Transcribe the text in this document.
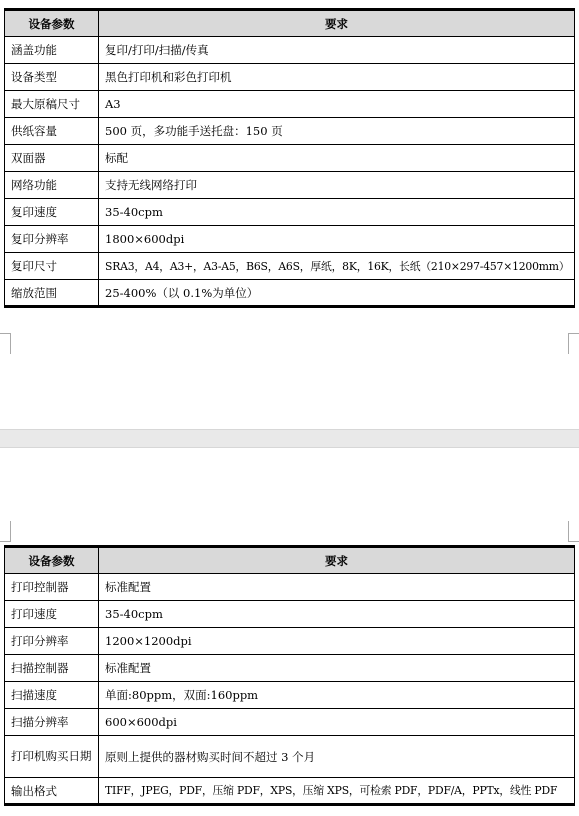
设备参数	要求
涵盖功能	复印/打印/扫描/传真
设备类型	黑色打印机和彩色打印机
最大原稿尺寸	A3
供纸容量	500 页，多功能手送托盘：150 页
双面器	标配
网络功能	支持无线网络打印
复印速度	35-40cpm
复印分辨率	1800×600dpi
复印尺寸	SRA3，A4，A3+，A3-A5，B6S，A6S，厚纸，8K，16K，长纸（210×297-457×1200mm）
缩放范围	25-400%（以 0.1%为单位）
设备参数	要求
打印控制器	标准配置
打印速度	35-40cpm
打印分辨率	1200×1200dpi
扫描控制器	标准配置
扫描速度	单面:80ppm，双面:160ppm
扫描分辨率	600×600dpi
打印机购买日期	原则上提供的器材购买时间不超过 3 个月
输出格式	TIFF，JPEG，PDF，压缩 PDF，XPS，压缩 XPS，可检索 PDF，PDF/A，PPTx，线性 PDF
